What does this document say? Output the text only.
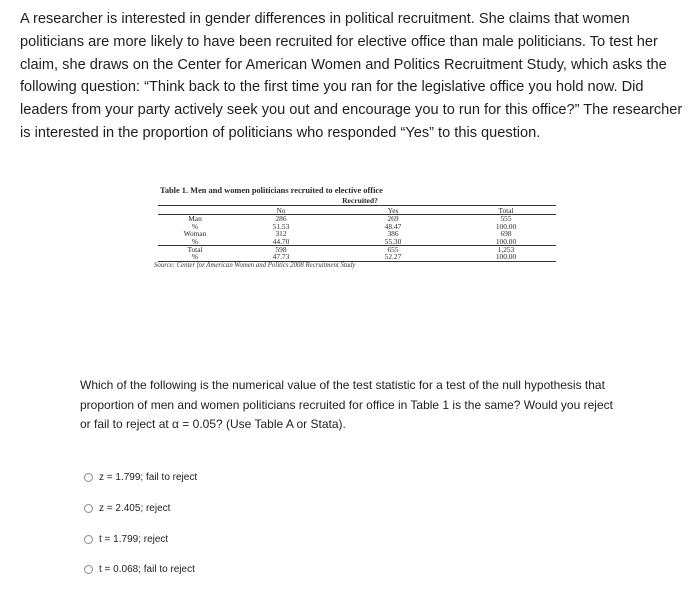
A researcher is interested in gender differences in political recruitment. She claims that women politicians are more likely to have been recruited for elective office than male politicians. To test her claim, she draws on the Center for American Women and Politics Recruitment Study, which asks the following question: “Think back to the first time you ran for the legislative office you hold now. Did leaders from your party actively seek you out and encourage you to run for this office?” The researcher is interested in the proportion of politicians who responded “Yes” to this question.

Table 1. Men and women politicians recruited to elective office
Recruited?
	No	Yes	Total
Man	286	269	555
%	51.53	48.47	100.00
Woman	312	386	698
%	44.70	55.30	100.00
Total	598	655	1,253
%	47.73	52.27	100.00
Source: Center for American Women and Politics 2008 Recruitment Study

Which of the following is the numerical value of the test statistic for a test of the null hypothesis that proportion of men and women politicians recruited for office in Table 1 is the same? Would you reject or fail to reject at α = 0.05? (Use Table A or Stata).

z = 1.799; fail to reject
z = 2.405; reject
t = 1.799; reject
t = 0.068; fail to reject
